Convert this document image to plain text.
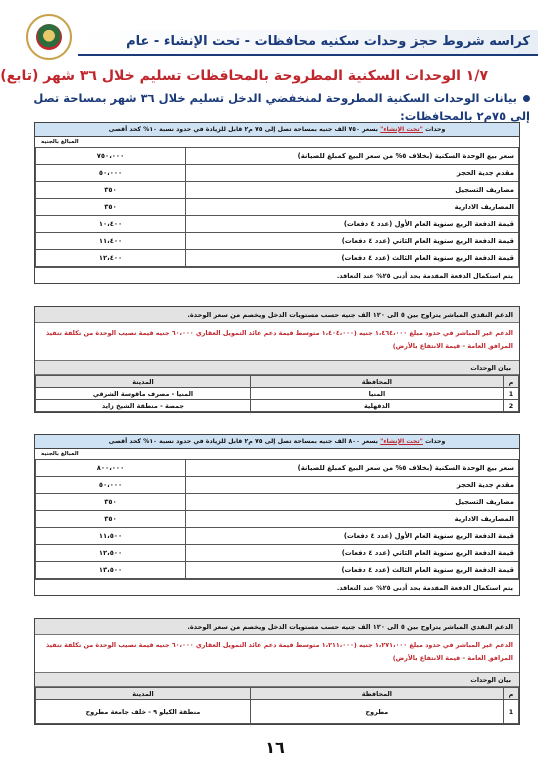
كراسه شروط حجز وحدات سكنيه محافظات - تحت الإنشاء - عام
١/٧ الوحدات السكنية المطروحة بالمحافظات تسليم خلال ٣٦ شهر (تابع)
بيانات الوحدات السكنية المطروحة لمنخفضي الدخل تسليم خلال ٣٦ شهر بمساحة تصل إلى ٧٥م٢ بالمحافظات:
وحدات "تحت الإنشاء" بسعر ٧٥٠ الف جنيه بمساحة تصل إلى ٧٥ م٢ قابل للزيادة في حدود نسبة ١٠% كحد أقصى
المبالغ بالجنيه
سعر بيع الوحدة السكنية (بخلاف ٥% من سعر البيع كمبلغ للصيانة)	٧٥٠،٠٠٠
مقدم جدية الحجز	٥٠،٠٠٠
مصاريف التسجيل	٣٥٠
المصاريف الادارية	٣٥٠
قيمة الدفعة الربع سنوية العام الأول (عدد ٤ دفعات)	١٠،٤٠٠
قيمة الدفعة الربع سنوية العام الثاني (عدد ٤ دفعات)	١١،٤٠٠
قيمة الدفعة الربع سنوية العام الثالث (عدد ٤ دفعات)	١٢،٤٠٠
يتم استكمال الدفعة المقدمة بحد أدنى ٢٥% عند التعاقد.
الدعم النقدي المباشر يتراوح بين ٥ الى ١٢٠ الف جنيه حسب مستويات الدخل ويخصم من سعر الوحدة.
الدعم غير المباشر في حدود مبلغ ١،٤٦٤،٠٠٠ جنيه (١،٤٠٤،٠٠٠ متوسط قيمة دعم عائد التمويل العقاري ٦٠،٠٠٠ جنيه قيمة نصيب الوحدة من تكلفة تنفيذ المرافق العامة - قيمة الانتفاع بالأرض)
بيان الوحدات
م	المحافظة	المدينة
1	المنيا	المنيا - مصرف ماقوسة الشرقي
2	الدقهلية	جمصة - منطقة الشيخ زايد
وحدات "تحت الإنشاء" بسعر ٨٠٠ الف جنيه بمساحة تصل إلى ٧٥ م٢ قابل للزيادة في حدود نسبة ١٠% كحد أقصى
المبالغ بالجنيه
سعر بيع الوحدة السكنية (بخلاف ٥% من سعر البيع كمبلغ للصيانة)	٨٠٠،٠٠٠
مقدم جدية الحجز	٥٠،٠٠٠
مصاريف التسجيل	٣٥٠
المصاريف الادارية	٣٥٠
قيمة الدفعة الربع سنوية العام الأول (عدد ٤ دفعات)	١١،٥٠٠
قيمة الدفعة الربع سنوية العام الثاني (عدد ٤ دفعات)	١٢،٥٠٠
قيمة الدفعة الربع سنوية العام الثالث (عدد ٤ دفعات)	١٣،٥٠٠
يتم استكمال الدفعة المقدمة بحد أدنى ٢٥% عند التعاقد.
الدعم النقدي المباشر يتراوح بين ٥ الى ١٢٠ الف جنيه حسب مستويات الدخل ويخصم من سعر الوحدة.
الدعم غير المباشر في حدود مبلغ ١،٢٧١،٠٠٠ جنيه (١،٢١١،٠٠٠ متوسط قيمة دعم عائد التمويل العقاري ٦٠،٠٠٠ جنيه قيمة نصيب الوحدة من تكلفة تنفيذ المرافق العامة - قيمة الانتفاع بالأرض)
بيان الوحدات
م	المحافظة	المدينة
1	مطروح	منطقة الكيلو ٩ - خلف جامعة مطروح
١٦
